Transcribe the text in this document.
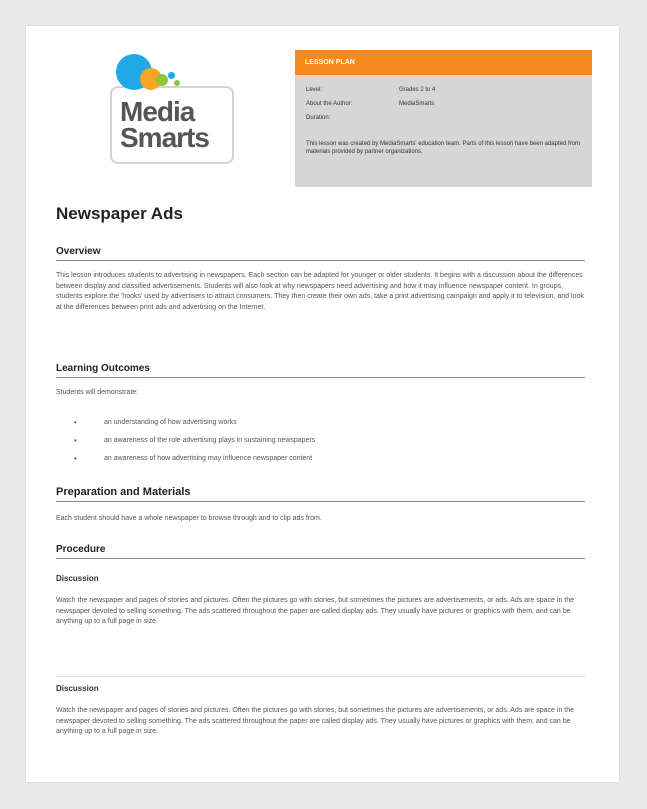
Media
Smarts
LESSON PLAN
Level:	Grades 2 to 4
About the Author:	MediaSmarts
Duration:
This lesson was created by MediaSmarts' education team. Parts of this lesson have been adapted from materials provided by partner organizations.
Newspaper Ads
Overview

This lesson introduces students to advertising in newspapers. Each section can be adapted for younger or older students. It begins with a discussion about the differences between display and classified advertisements. Students will also look at why newspapers need advertising and how it may influence newspaper content. In groups, students explore the 'hooks' used by advertisers to attract consumers. They then create their own ads, take a print advertising campaign and apply it to television, and look at the differences between print ads and advertising on the Internet.

Learning Outcomes

Students will demonstrate:

•	an understanding of how advertising works
•	an awareness of the role advertising plays in sustaining newspapers
•	an awareness of how advertising may influence newspaper content
Preparation and Materials

Each student should have a whole newspaper to browse through and to clip ads from.

Procedure
Discussion

Watch the newspaper and pages of stories and pictures. Often the pictures go with stories, but sometimes the pictures are advertisements, or ads. Ads are space in the newspaper devoted to selling something. The ads scattered throughout the paper are called display ads. They usually have pictures or graphics with them, and can be anything up to a full page in size.

Discussion

Watch the newspaper and pages of stories and pictures. Often the pictures go with stories, but sometimes the pictures are advertisements, or ads. Ads are space in the newspaper devoted to selling something. The ads scattered throughout the paper are called display ads. They usually have pictures or graphics with them, and can be anything up to a full page in size.
